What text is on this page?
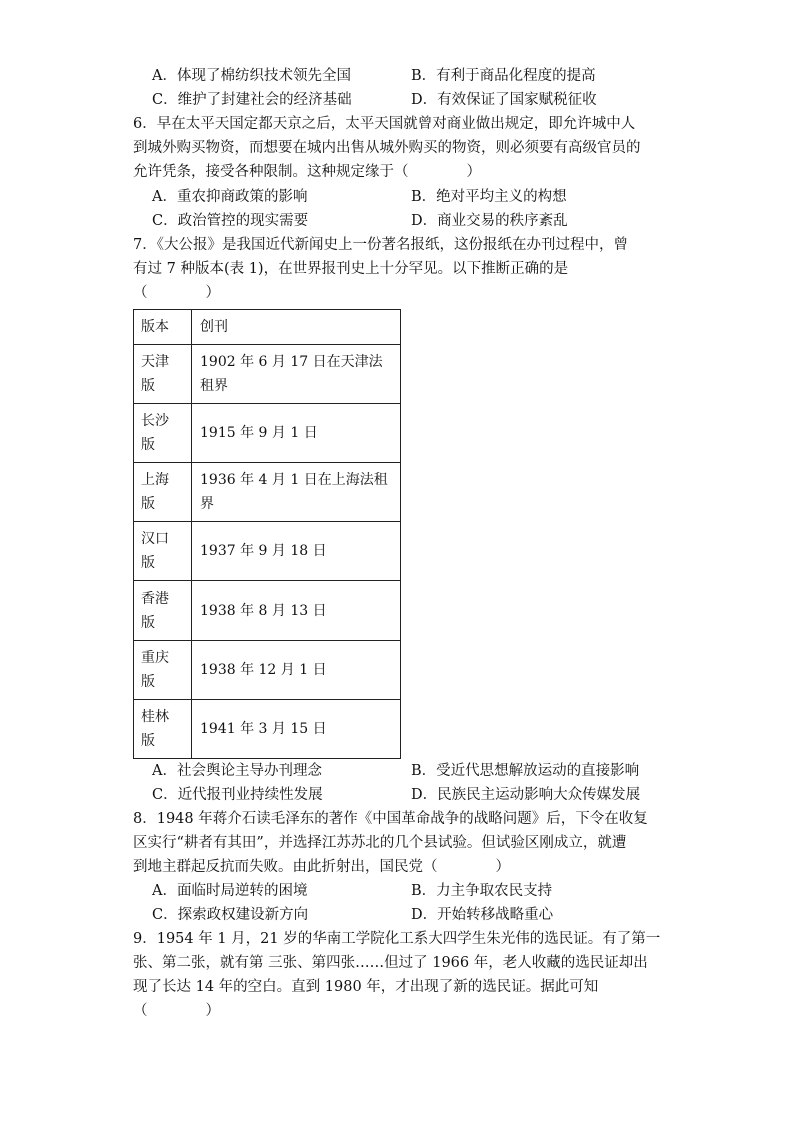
A．体现了棉纺织技术领先全国	B．有利于商品化程度的提高
C．维护了封建社会的经济基础	D．有效保证了国家赋税征收
6．早在太平天国定都天京之后，太平天国就曾对商业做出规定，即允许城中人
到城外购买物资，而想要在城内出售从城外购买的物资，则必须要有高级官员的
允许凭条，接受各种限制。这种规定缘于（　　　　）
A．重农抑商政策的影响	B．绝对平均主义的构想
C．政治管控的现实需要	D．商业交易的秩序紊乱
7．《大公报》是我国近代新闻史上一份著名报纸，这份报纸在办刊过程中，曾
有过 7 种版本(表 1)，在世界报刊史上十分罕见。以下推断正确的是
（　　　　）
版本	创刊
天津
版	1902 年 6 月 17 日在天津法
租界
长沙
版	1915 年 9 月 1 日
上海
版	1936 年 4 月 1 日在上海法租
界
汉口
版	1937 年 9 月 18 日
香港
版	1938 年 8 月 13 日
重庆
版	1938 年 12 月 1 日
桂林
版	1941 年 3 月 15 日
A．社会舆论主导办刊理念	B．受近代思想解放运动的直接影响
C．近代报刊业持续性发展	D．民族民主运动影响大众传媒发展
8．1948 年蒋介石读毛泽东的著作《中国革命战争的战略问题》后，下令在收复
区实行“耕者有其田”，并选择江苏苏北的几个县试验。但试验区刚成立，就遭
到地主群起反抗而失败。由此折射出，国民党（　　　　）
A．面临时局逆转的困境	B．力主争取农民支持
C．探索政权建设新方向	D．开始转移战略重心
9．1954 年 1 月，21 岁的华南工学院化工系大四学生朱光伟的选民证。有了第一
张、第二张，就有第 三张、第四张……但过了 1966 年，老人收藏的选民证却出
现了长达 14 年的空白。直到 1980 年，才出现了新的选民证。据此可知
（　　　　）
